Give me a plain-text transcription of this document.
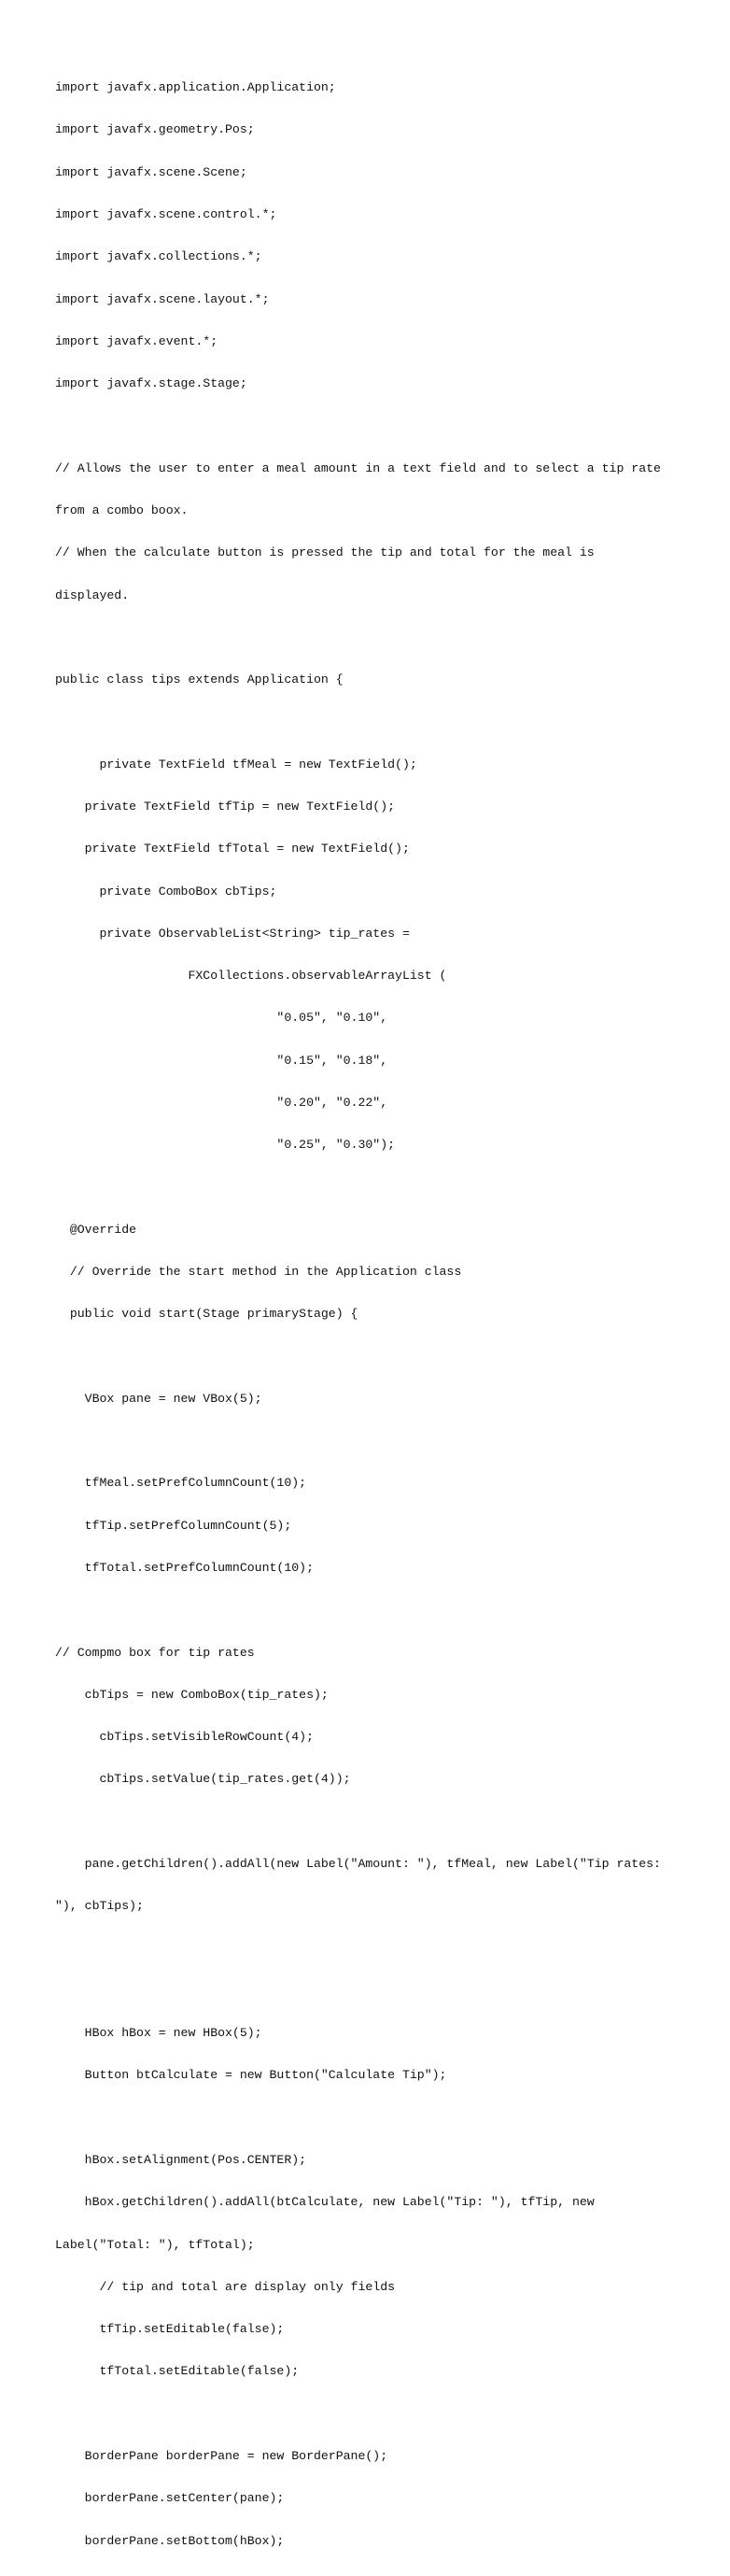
import javafx.application.Application;

import javafx.geometry.Pos;

import javafx.scene.Scene;

import javafx.scene.control.*;

import javafx.collections.*;

import javafx.scene.layout.*;

import javafx.event.*;

import javafx.stage.Stage;

// Allows the user to enter a meal amount in a text field and to select a tip rate

from a combo boox.

// When the calculate button is pressed the tip and total for the meal is

displayed.

public class tips extends Application {

private TextField tfMeal = new TextField();

private TextField tfTip = new TextField();

private TextField tfTotal = new TextField();

private ComboBox cbTips;

private ObservableList<String> tip_rates =

FXCollections.observableArrayList (

"0.05", "0.10",

"0.15", "0.18",

"0.20", "0.22",

"0.25", "0.30");

@Override

// Override the start method in the Application class

public void start(Stage primaryStage) {

VBox pane = new VBox(5);

tfMeal.setPrefColumnCount(10);

tfTip.setPrefColumnCount(5);

tfTotal.setPrefColumnCount(10);

// Compmo box for tip rates

cbTips = new ComboBox(tip_rates);

cbTips.setVisibleRowCount(4);

cbTips.setValue(tip_rates.get(4));

pane.getChildren().addAll(new Label("Amount: "), tfMeal, new Label("Tip rates:

"), cbTips);

HBox hBox = new HBox(5);

Button btCalculate = new Button("Calculate Tip");

hBox.setAlignment(Pos.CENTER);

hBox.getChildren().addAll(btCalculate, new Label("Tip: "), tfTip, new

Label("Total: "), tfTotal);

// tip and total are display only fields

tfTip.setEditable(false);

tfTotal.setEditable(false);

BorderPane borderPane = new BorderPane();

borderPane.setCenter(pane);

borderPane.setBottom(hBox);
